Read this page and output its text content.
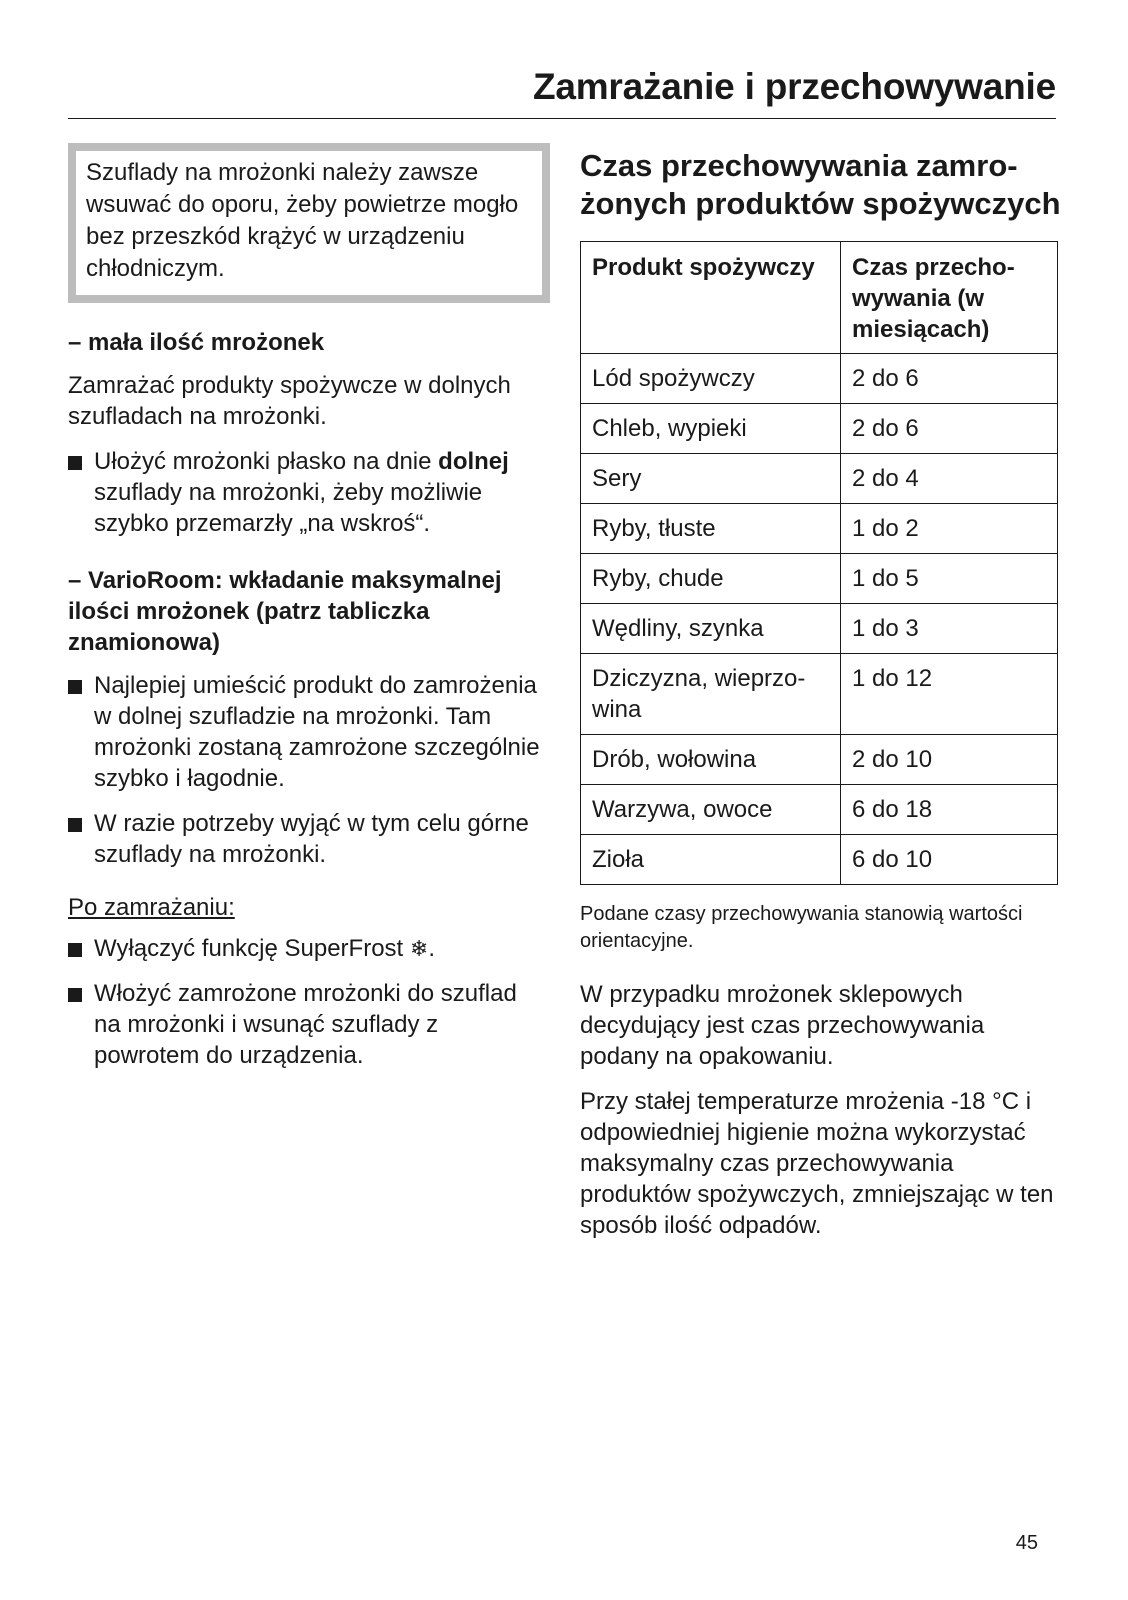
Zamrażanie i przechowywanie
Szuflady na mrożonki należy zawsze wsuwać do oporu, żeby powietrze mogło bez przeszkód krążyć w urządzeniu chłodniczym.

– mała ilość mrożonek

Zamrażać produkty spożywcze w dolnych szufladach na mrożonki.

Ułożyć mrożonki płasko na dnie dolnej szuflady na mrożonki, żeby możliwie szybko przemarzły „na wskroś“.

– VarioRoom: wkładanie maksymalnej ilości mrożonek (patrz tabliczka znamionowa)

Najlepiej umieścić produkt do zamrożenia w dolnej szufladzie na mrożonki. Tam mrożonki zostaną zamrożone szczególnie szybko i łagodnie.
W razie potrzeby wyjąć w tym celu górne szuflady na mrożonki.

Po zamrażaniu:

Wyłączyć funkcję SuperFrost ❄.
Włożyć zamrożone mrożonki do szuflad na mrożonki i wsunąć szuflady z powrotem do urządzenia.
Czas przechowywania zamrożonych produktów spożywczych
Produkt spożywczy	Czas przechowywania (w miesiącach)
Lód spożywczy	2 do 6
Chleb, wypieki	2 do 6
Sery	2 do 4
Ryby, tłuste	1 do 2
Ryby, chude	1 do 5
Wędliny, szynka	1 do 3
Dziczyzna, wieprzowina	1 do 12
Drób, wołowina	2 do 10
Warzywa, owoce	6 do 18
Zioła	6 do 10

Podane czasy przechowywania stanowią wartości orientacyjne.

W przypadku mrożonek sklepowych decydujący jest czas przechowywania podany na opakowaniu.

Przy stałej temperaturze mrożenia -18 °C i odpowiedniej higienie można wykorzystać maksymalny czas przechowywania produktów spożywczych, zmniejszając w ten sposób ilość odpadów.

45
